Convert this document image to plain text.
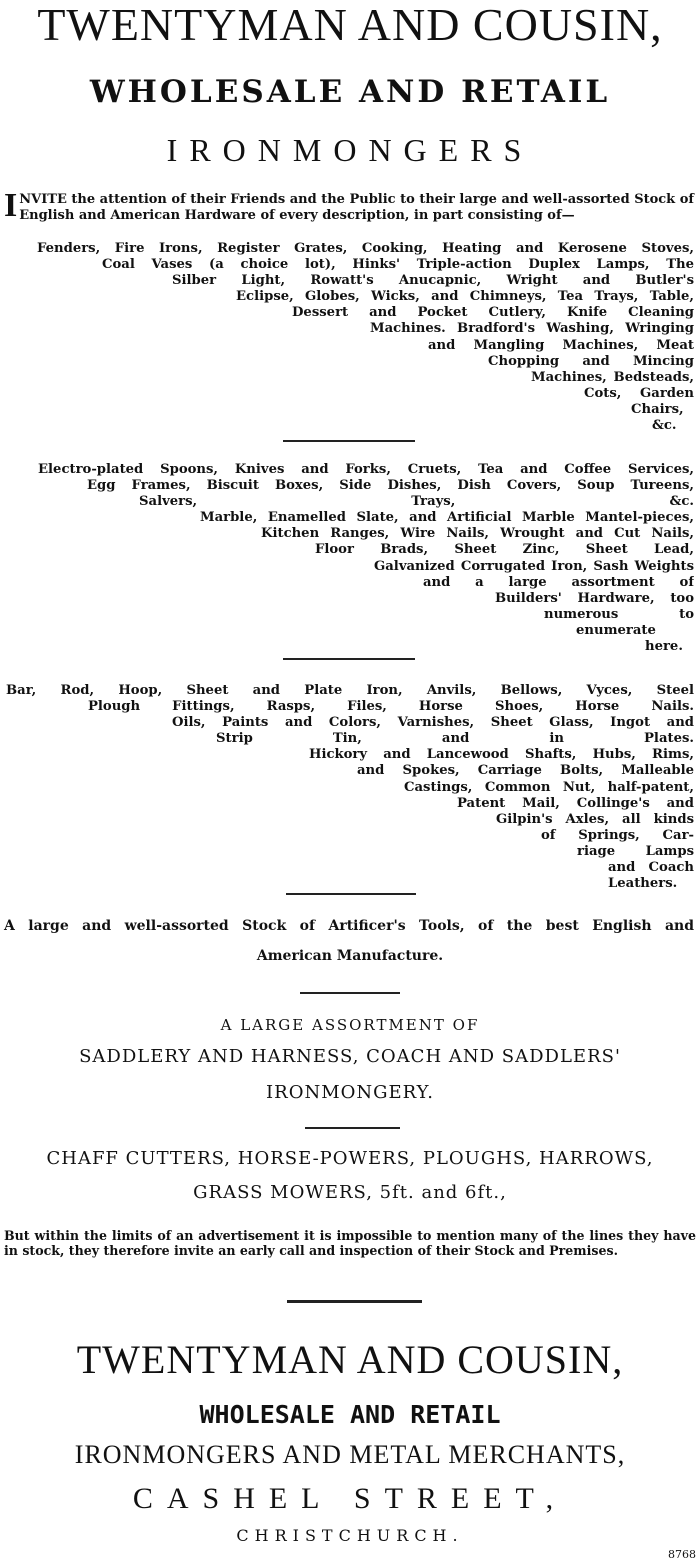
TWENTYMAN AND COUSIN,
WHOLESALE AND RETAIL
IRONMONGERS
INVITE the attention of their Friends and the Public to their large and well-assorted Stock of English and American Hardware of every description, in part consisting of—
Fenders, Fire Irons, Register Grates, Cooking, Heating and Kerosene Stoves,
Coal Vases (a choice lot), Hinks' Triple-action Duplex Lamps, The
Silber Light, Rowatt's Anucapnic, Wright and Butler's
Eclipse, Globes, Wicks, and Chimneys, Tea Trays, Table,
Dessert and Pocket Cutlery, Knife Cleaning
Machines. Bradford's Washing, Wringing
and Mangling Machines, Meat
Chopping and Mincing
Machines, Bedsteads,
Cots, Garden
Chairs,
&c.
Electro-plated Spoons, Knives and Forks, Cruets, Tea and Coffee Services,
Egg Frames, Biscuit Boxes, Side Dishes, Dish Covers, Soup Tureens,
Salvers, Trays, &c.
Marble, Enamelled Slate, and Artificial Marble Mantel-pieces,
Kitchen Ranges, Wire Nails, Wrought and Cut Nails,
Floor Brads, Sheet Zinc, Sheet Lead,
Galvanized Corrugated Iron, Sash Weights
and a large assortment of
Builders' Hardware, too
numerous to
enumerate
here.
Bar, Rod, Hoop, Sheet and Plate Iron, Anvils, Bellows, Vyces, Steel
Plough Fittings, Rasps, Files, Horse Shoes, Horse Nails.
Oils, Paints and Colors, Varnishes, Sheet Glass, Ingot and
Strip Tin, and in Plates.
Hickory and Lancewood Shafts, Hubs, Rims,
and Spokes, Carriage Bolts, Malleable
Castings, Common Nut, half-patent,
Patent Mail, Collinge's and
Gilpin's Axles, all kinds
of Springs, Car-
riage Lamps
and Coach
Leathers.
A large and well-assorted Stock of Artificer's Tools, of the best English and
American Manufacture.
A LARGE ASSORTMENT OF
SADDLERY AND HARNESS, COACH AND SADDLERS'
IRONMONGERY.
CHAFF CUTTERS, HORSE-POWERS, PLOUGHS, HARROWS,
GRASS MOWERS, 5ft. and 6ft.,
But within the limits of an advertisement it is impossible to mention many of the lines they have in stock, they therefore invite an early call and inspection of their Stock and Premises.
TWENTYMAN AND COUSIN,
WHOLESALE AND RETAIL
IRONMONGERS AND METAL MERCHANTS,
CASHEL STREET,
CHRISTCHURCH.
8768
